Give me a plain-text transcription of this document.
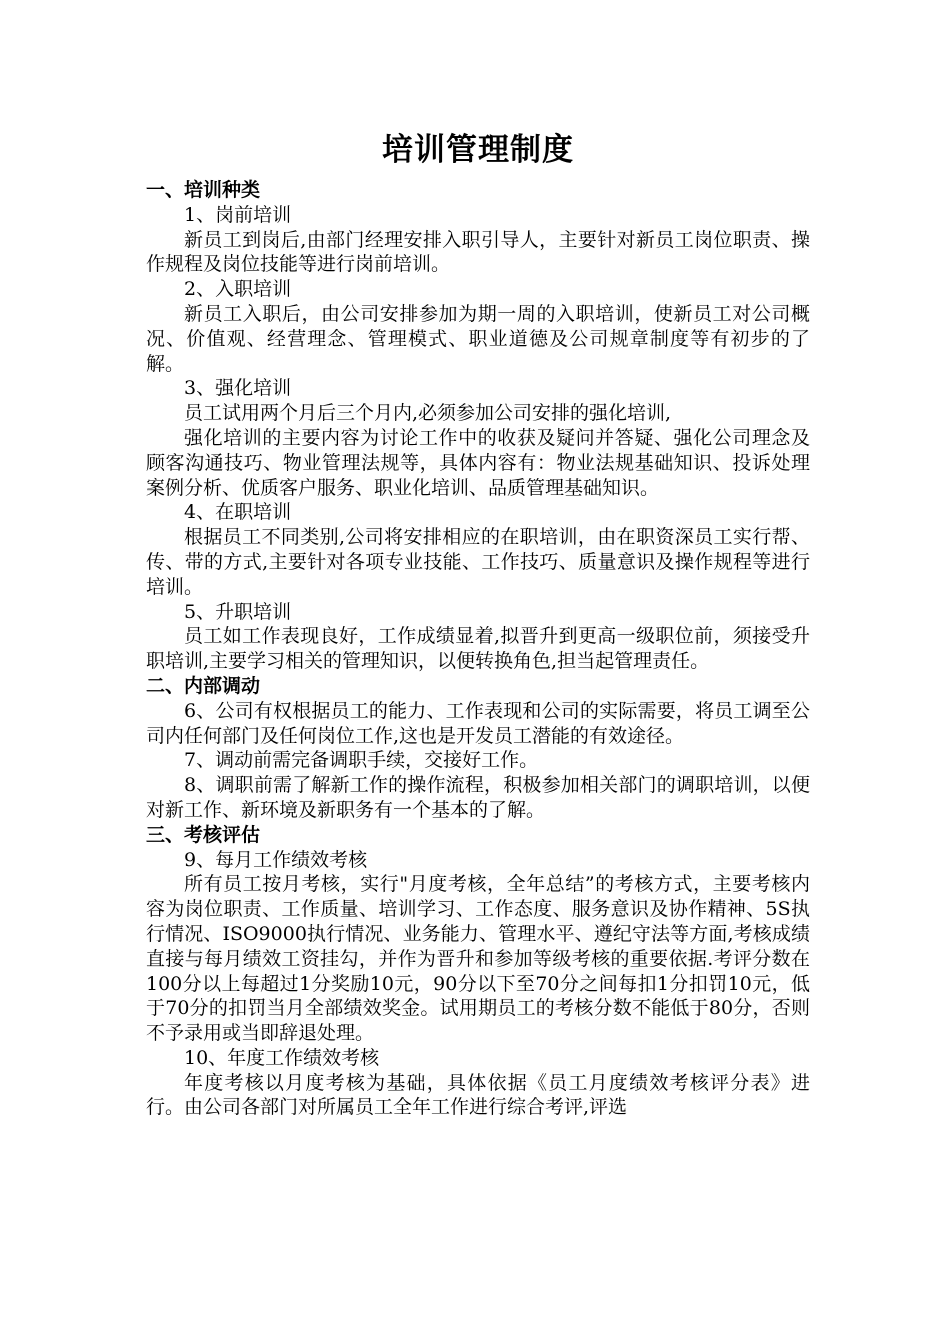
培训管理制度
一、培训种类
1、岗前培训
新员工到岗后,由部门经理安排入职引导人，主要针对新员工岗位职责、操作规程及岗位技能等进行岗前培训。
2、入职培训
新员工入职后，由公司安排参加为期一周的入职培训，使新员工对公司概况、价值观、经营理念、管理模式、职业道德及公司规章制度等有初步的了解。
3、强化培训
员工试用两个月后三个月内,必须参加公司安排的强化培训,
强化培训的主要内容为讨论工作中的收获及疑问并答疑、强化公司理念及顾客沟通技巧、物业管理法规等，具体内容有：物业法规基础知识、投诉处理案例分析、优质客户服务、职业化培训、品质管理基础知识。
4、在职培训
根据员工不同类别,公司将安排相应的在职培训，由在职资深员工实行帮、传、带的方式,主要针对各项专业技能、工作技巧、质量意识及操作规程等进行培训。
5、升职培训
员工如工作表现良好，工作成绩显着,拟晋升到更高一级职位前，须接受升职培训,主要学习相关的管理知识，以便转换角色,担当起管理责任。
二、内部调动
6、公司有权根据员工的能力、工作表现和公司的实际需要，将员工调至公司内任何部门及任何岗位工作,这也是开发员工潜能的有效途径。
7、调动前需完备调职手续，交接好工作。
8、调职前需了解新工作的操作流程，积极参加相关部门的调职培训，以便对新工作、新环境及新职务有一个基本的了解。
三、考核评估
9、每月工作绩效考核
所有员工按月考核，实行"月度考核，全年总结”的考核方式，主要考核内容为岗位职责、工作质量、培训学习、工作态度、服务意识及协作精神、5S执行情况、ISO9000执行情况、业务能力、管理水平、遵纪守法等方面,考核成绩直接与每月绩效工资挂勾，并作为晋升和参加等级考核的重要依据.考评分数在100分以上每超过1分奖励10元，90分以下至70分之间每扣1分扣罚10元，低于70分的扣罚当月全部绩效奖金。试用期员工的考核分数不能低于80分，否则不予录用或当即辞退处理。
10、年度工作绩效考核
年度考核以月度考核为基础，具体依据《员工月度绩效考核评分表》进行。由公司各部门对所属员工全年工作进行综合考评,评选
